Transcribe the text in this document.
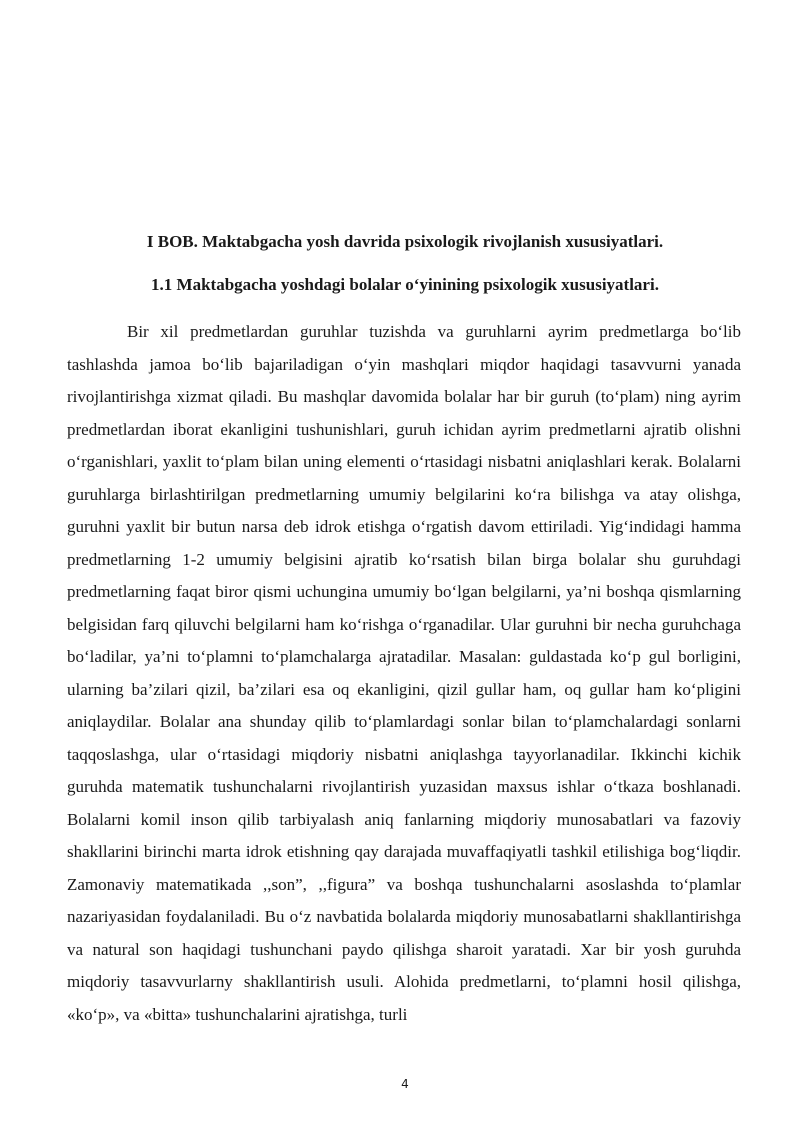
I BOB. Maktabgacha yosh davrida psixologik rivojlanish xususiyatlari.
1.1 Maktabgacha yoshdagi bolalar o‘yinining psixologik xususiyatlari.

Bir xil predmetlardan guruhlar tuzishda va guruhlarni ayrim predmetlarga bo‘lib tashlashda jamoa bo‘lib bajariladigan o‘yin mashqlari miqdor haqidagi tasavvurni yanada rivojlantirishga xizmat qiladi. Bu mashqlar davomida bolalar har bir guruh (to‘plam) ning ayrim predmetlardan iborat ekanligini tushunishlari, guruh ichidan ayrim predmetlarni ajratib olishni o‘rganishlari, yaxlit to‘plam bilan uning elementi o‘rtasidagi nisbatni aniqlashlari kerak. Bolalarni guruhlarga birlashtirilgan predmetlarning umumiy belgilarini ko‘ra bilishga va atay olishga, guruhni yaxlit bir butun narsa deb idrok etishga o‘rgatish davom ettiriladi. Yig‘indidagi hamma predmetlarning 1-2 umumiy belgisini ajratib ko‘rsatish bilan birga bolalar shu guruhdagi predmetlarning faqat biror qismi uchungina umumiy bo‘lgan belgilarni, ya’ni boshqa qismlarning belgisidan farq qiluvchi belgilarni ham ko‘rishga o‘rganadilar. Ular guruhni bir necha guruhchaga bo‘ladilar, ya’ni to‘plamni to‘plamchalarga ajratadilar. Masalan: guldastada ko‘p gul borligini, ularning ba’zilari qizil, ba’zilari esa oq ekanligini, qizil gullar ham, oq gullar ham ko‘pligini aniqlaydilar. Bolalar ana shunday qilib to‘plamlardagi sonlar bilan to‘plamchalardagi sonlarni taqqoslashga, ular o‘rtasidagi miqdoriy nisbatni aniqlashga tayyorlanadilar. Ikkinchi kichik guruhda matematik tushunchalarni rivojlantirish yuzasidan maxsus ishlar o‘tkaza boshlanadi. Bolalarni komil inson qilib tarbiyalash aniq fanlarning miqdoriy munosabatlari va fazoviy shakllarini birinchi marta idrok etishning qay darajada muvaffaqiyatli tashkil etilishiga bog‘liqdir. Zamonaviy matematikada ,,son”, ,,figura” va boshqa tushunchalarni asoslashda to‘plamlar nazariyasidan foydalaniladi. Bu o‘z navbatida bolalarda miqdoriy munosabatlarni shakllantirishga va natural son haqidagi tushunchani paydo qilishga sharoit yaratadi. Xar bir yosh guruhda miqdoriy tasavvurlarny shakllantirish usuli. Alohida predmetlarni, to‘plamni hosil qilishga, «ko‘p», va «bitta» tushunchalarini ajratishga, turli

4
